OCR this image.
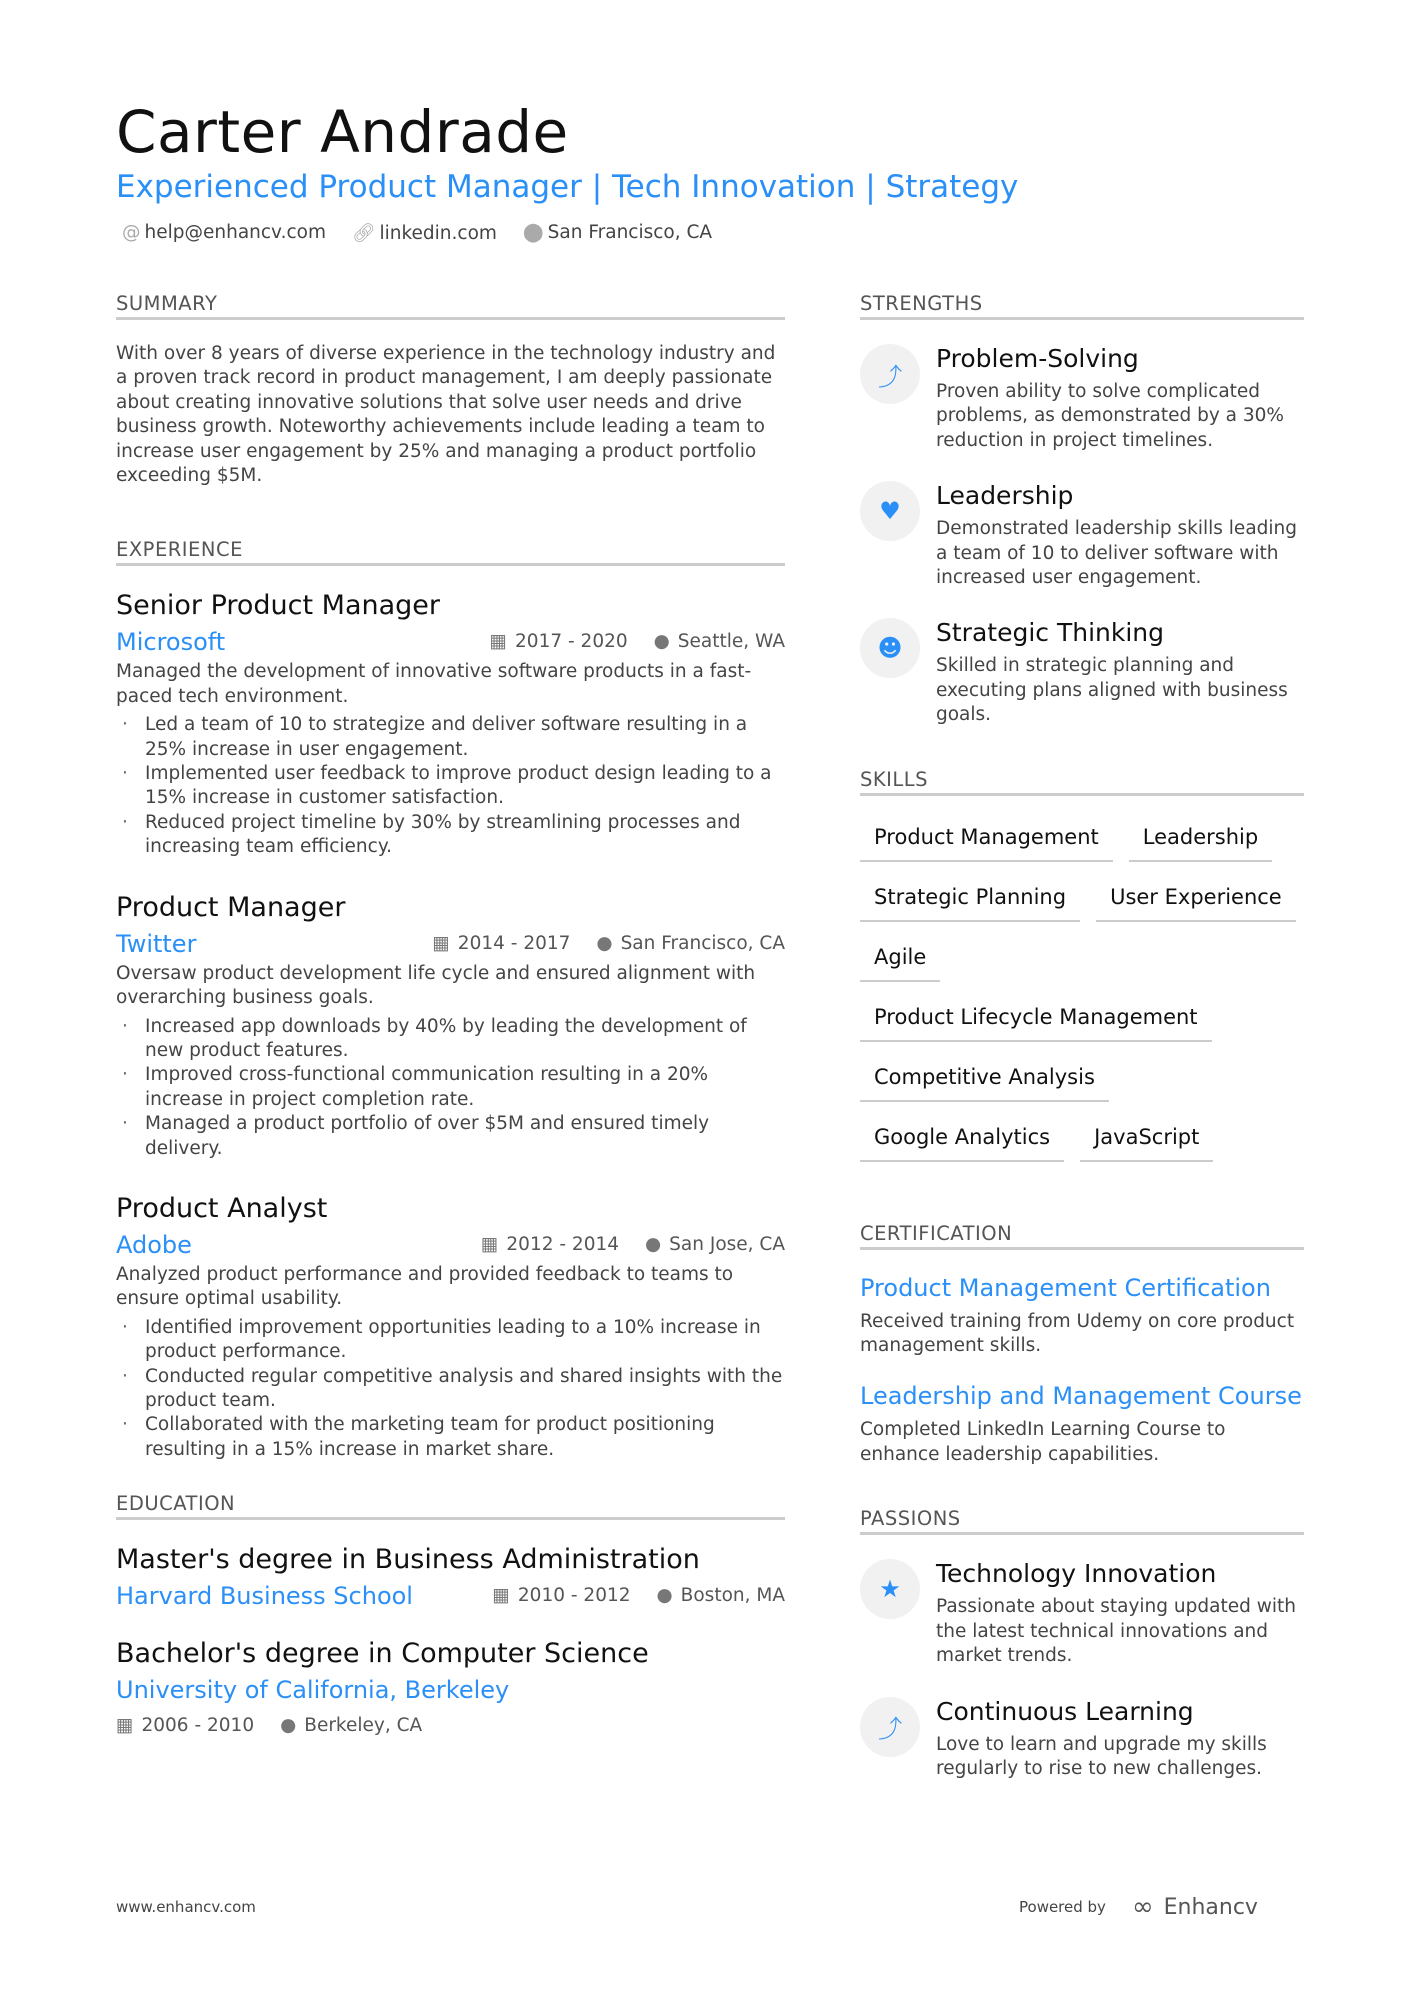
Carter Andrade
Experienced Product Manager | Tech Innovation | Strategy
@ help@enhancv.com 🔗︎ linkedin.com ⬤ San Francisco, CA
SUMMARY
With over 8 years of diverse experience in the technology industry and a proven track record in product management, I am deeply passionate about creating innovative solutions that solve user needs and drive business growth. Noteworthy achievements include leading a team to increase user engagement by 25% and managing a product portfolio exceeding $5M.
EXPERIENCE
Senior Product Manager
Microsoft	▦ 2017 - 2020 ● Seattle, WA
Managed the development of innovative software products in a fast-paced tech environment.
· Led a team of 10 to strategize and deliver software resulting in a 25% increase in user engagement.
· Implemented user feedback to improve product design leading to a 15% increase in customer satisfaction.
· Reduced project timeline by 30% by streamlining processes and increasing team efficiency.
Product Manager
Twitter	▦ 2014 - 2017 ● San Francisco, CA
Oversaw product development life cycle and ensured alignment with overarching business goals.
· Increased app downloads by 40% by leading the development of new product features.
· Improved cross-functional communication resulting in a 20% increase in project completion rate.
· Managed a product portfolio of over $5M and ensured timely delivery.
Product Analyst
Adobe	▦ 2012 - 2014 ● San Jose, CA
Analyzed product performance and provided feedback to teams to ensure optimal usability.
· Identified improvement opportunities leading to a 10% increase in product performance.
· Conducted regular competitive analysis and shared insights with the product team.
· Collaborated with the marketing team for product positioning resulting in a 15% increase in market share.
EDUCATION
Master's degree in Business Administration
Harvard Business School	▦ 2010 - 2012 ● Boston, MA
Bachelor's degree in Computer Science
University of California, Berkeley
▦ 2006 - 2010 ● Berkeley, CA
STRENGTHS
⤴
Problem-Solving
Proven ability to solve complicated problems, as demonstrated by a 30% reduction in project timelines.
♥
Leadership
Demonstrated leadership skills leading a team of 10 to deliver software with increased user engagement.
☻
Strategic Thinking
Skilled in strategic planning and executing plans aligned with business goals.
SKILLS
Product Management	Leadership
Strategic Planning	User Experience
Agile
Product Lifecycle Management
Competitive Analysis
Google Analytics	JavaScript
CERTIFICATION
Product Management Certification
Received training from Udemy on core product management skills.
Leadership and Management Course
Completed LinkedIn Learning Course to enhance leadership capabilities.
PASSIONS
★
Technology Innovation
Passionate about staying updated with the latest technical innovations and market trends.
⤴
Continuous Learning
Love to learn and upgrade my skills regularly to rise to new challenges.
www.enhancv.com	Powered by ∞ Enhancv
